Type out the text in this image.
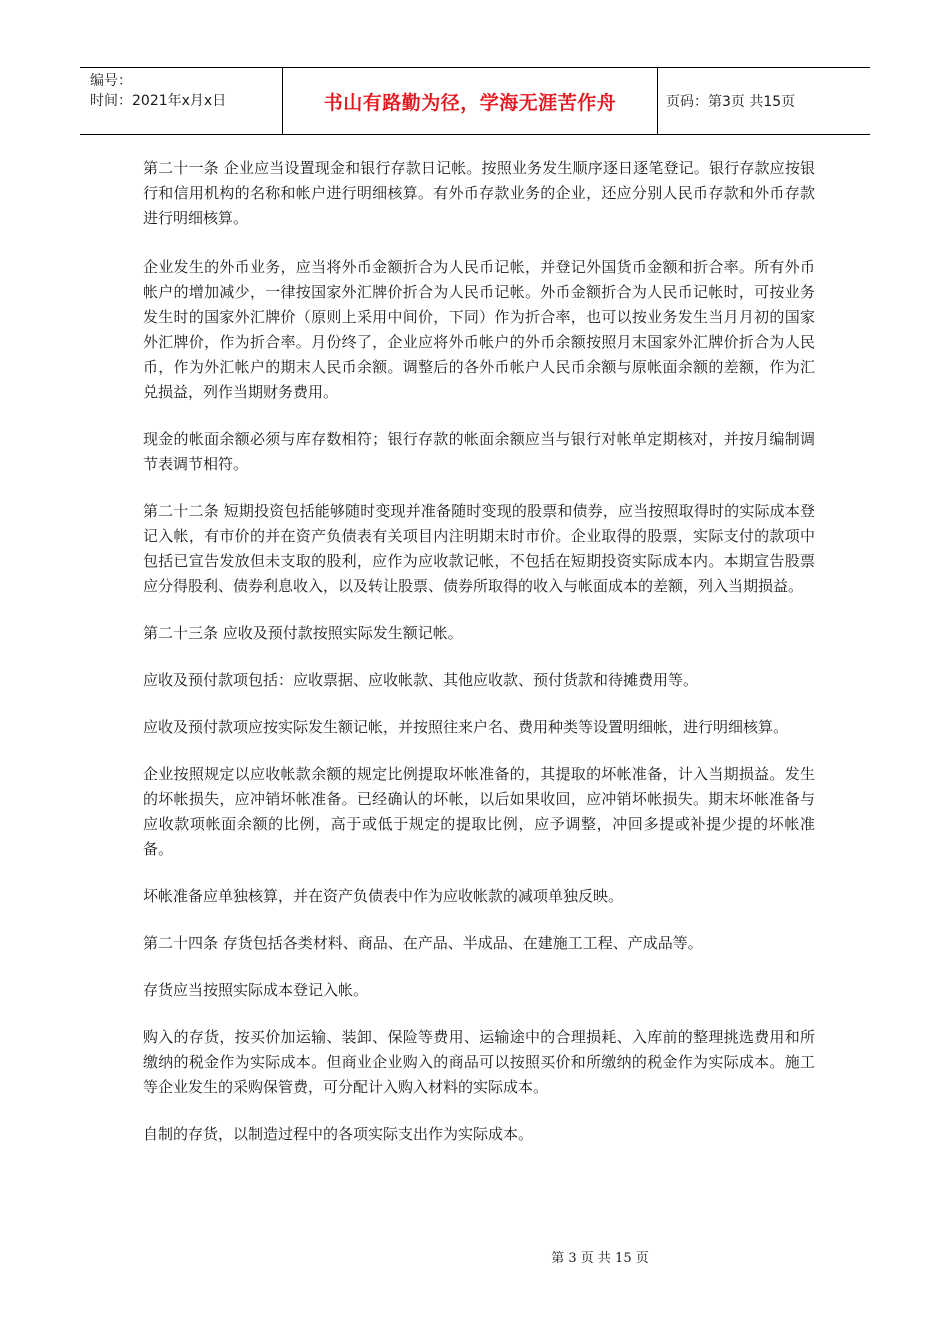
编号：
时间：2021年x月x日	书山有路勤为径，学海无涯苦作舟	页码：第3页 共15页

第二十一条 企业应当设置现金和银行存款日记帐。按照业务发生顺序逐日逐笔登记。银行存款应按银行和信用机构的名称和帐户进行明细核算。有外币存款业务的企业，还应分别人民币存款和外币存款进行明细核算。

企业发生的外币业务，应当将外币金额折合为人民币记帐，并登记外国货币金额和折合率。所有外币帐户的增加减少，一律按国家外汇牌价折合为人民币记帐。外币金额折合为人民币记帐时，可按业务发生时的国家外汇牌价（原则上采用中间价，下同）作为折合率，也可以按业务发生当月月初的国家外汇牌价，作为折合率。月份终了，企业应将外币帐户的外币余额按照月末国家外汇牌价折合为人民币，作为外汇帐户的期末人民币余额。调整后的各外币帐户人民币余额与原帐面余额的差额，作为汇兑损益，列作当期财务费用。

现金的帐面余额必须与库存数相符；银行存款的帐面余额应当与银行对帐单定期核对，并按月编制调节表调节相符。

第二十二条 短期投资包括能够随时变现并准备随时变现的股票和债券，应当按照取得时的实际成本登记入帐，有市价的并在资产负债表有关项目内注明期末时市价。企业取得的股票，实际支付的款项中包括已宣告发放但未支取的股利，应作为应收款记帐，不包括在短期投资实际成本内。本期宣告股票应分得股利、债券利息收入，以及转让股票、债券所取得的收入与帐面成本的差额，列入当期损益。

第二十三条 应收及预付款按照实际发生额记帐。

应收及预付款项包括：应收票据、应收帐款、其他应收款、预付货款和待摊费用等。

应收及预付款项应按实际发生额记帐，并按照往来户名、费用种类等设置明细帐，进行明细核算。

企业按照规定以应收帐款余额的规定比例提取坏帐准备的，其提取的坏帐准备，计入当期损益。发生的坏帐损失，应冲销坏帐准备。已经确认的坏帐，以后如果收回，应冲销坏帐损失。期末坏帐准备与应收款项帐面余额的比例，高于或低于规定的提取比例，应予调整，冲回多提或补提少提的坏帐准备。

坏帐准备应单独核算，并在资产负债表中作为应收帐款的减项单独反映。

第二十四条 存货包括各类材料、商品、在产品、半成品、在建施工工程、产成品等。

存货应当按照实际成本登记入帐。

购入的存货，按买价加运输、装卸、保险等费用、运输途中的合理损耗、入库前的整理挑选费用和所缴纳的税金作为实际成本。但商业企业购入的商品可以按照买价和所缴纳的税金作为实际成本。施工等企业发生的采购保管费，可分配计入购入材料的实际成本。

自制的存货，以制造过程中的各项实际支出作为实际成本。

第 3 页 共 15 页
